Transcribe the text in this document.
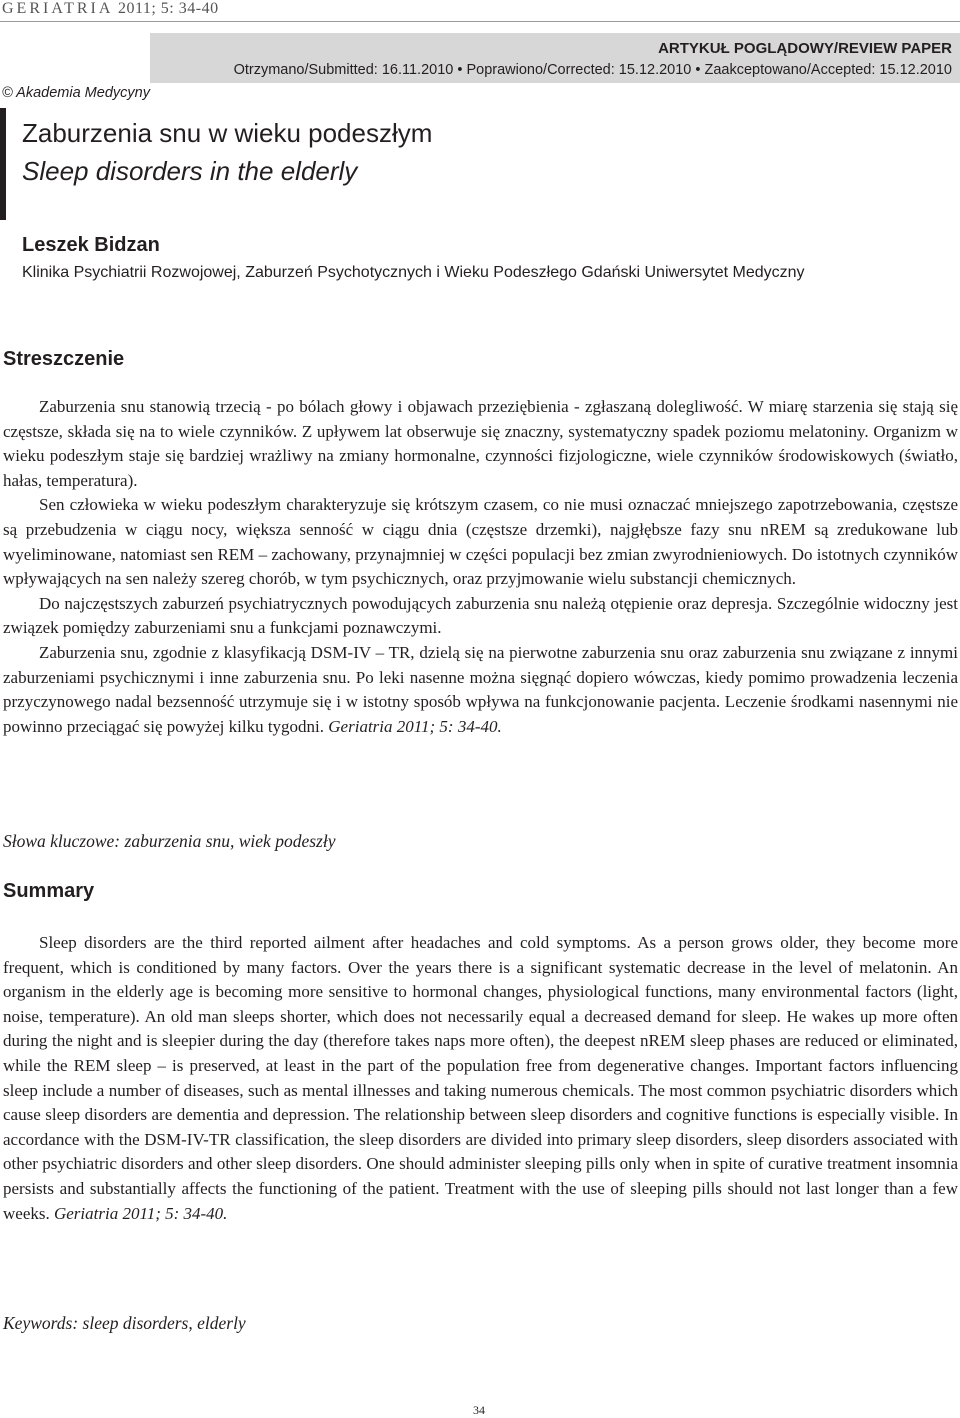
GERIATRIA 2011; 5: 34-40
ARTYKUŁ POGLĄDOWY/REVIEW PAPER
Otrzymano/Submitted: 16.11.2010 • Poprawiono/Corrected: 15.12.2010 • Zaakceptowano/Accepted: 15.12.2010
© Akademia Medycyny
Zaburzenia snu w wieku podeszłym
Sleep disorders in the elderly
Leszek Bidzan
Klinika Psychiatrii Rozwojowej, Zaburzeń Psychotycznych i Wieku Podeszłego Gdański Uniwersytet Medyczny
Streszczenie

Zaburzenia snu stanowią trzecią - po bólach głowy i objawach przeziębienia - zgłaszaną dolegliwość. W miarę starzenia się stają się częstsze, składa się na to wiele czynników. Z upływem lat obserwuje się znaczny, systematyczny spadek poziomu melatoniny. Organizm w wieku podeszłym staje się bardziej wrażliwy na zmiany hormonalne, czynności fizjologiczne, wiele czynników środowiskowych (światło, hałas, temperatura).

Sen człowieka w wieku podeszłym charakteryzuje się krótszym czasem, co nie musi oznaczać mniejszego zapotrzebowania, częstsze są przebudzenia w ciągu nocy, większa senność w ciągu dnia (częstsze drzemki), najgłębsze fazy snu nREM są zredukowane lub wyeliminowane, natomiast sen REM – zachowany, przynajmniej w części populacji bez zmian zwyrodnieniowych. Do istotnych czynników wpływających na sen należy szereg chorób, w tym psychicznych, oraz przyjmowanie wielu substancji chemicznych.

Do najczęstszych zaburzeń psychiatrycznych powodujących zaburzenia snu należą otępienie oraz depresja. Szczególnie widoczny jest związek pomiędzy zaburzeniami snu a funkcjami poznawczymi.

Zaburzenia snu, zgodnie z klasyfikacją DSM-IV – TR, dzielą się na pierwotne zaburzenia snu oraz zaburzenia snu związane z innymi zaburzeniami psychicznymi i inne zaburzenia snu. Po leki nasenne można sięgnąć dopiero wówczas, kiedy pomimo prowadzenia leczenia przyczynowego nadal bezsenność utrzymuje się i w istotny sposób wpływa na funkcjonowanie pacjenta. Leczenie środkami nasennymi nie powinno przeciągać się powyżej kilku tygodni. Geriatria 2011; 5: 34-40.

Słowa kluczowe: zaburzenia snu, wiek podeszły
Summary

Sleep disorders are the third reported ailment after headaches and cold symptoms. As a person grows older, they become more frequent, which is conditioned by many factors. Over the years there is a significant systematic decrease in the level of melatonin. An organism in the elderly age is becoming more sensitive to hormonal changes, physiological functions, many environmental factors (light, noise, temperature). An old man sleeps shorter, which does not necessarily equal a decreased demand for sleep. He wakes up more often during the night and is sleepier during the day (therefore takes naps more often), the deepest nREM sleep phases are reduced or eliminated, while the REM sleep – is preserved, at least in the part of the population free from degenerative changes. Important factors influencing sleep include a number of diseases, such as mental illnesses and taking numerous chemicals. The most common psychiatric disorders which cause sleep disorders are dementia and depression. The relationship between sleep disorders and cognitive functions is especially visible. In accordance with the DSM-IV-TR classification, the sleep disorders are divided into primary sleep disorders, sleep disorders associated with other psychiatric disorders and other sleep disorders. One should administer sleeping pills only when in spite of curative treatment insomnia persists and substantially affects the functioning of the patient. Treatment with the use of sleeping pills should not last longer than a few weeks. Geriatria 2011; 5: 34-40.

Keywords: sleep disorders, elderly
34
